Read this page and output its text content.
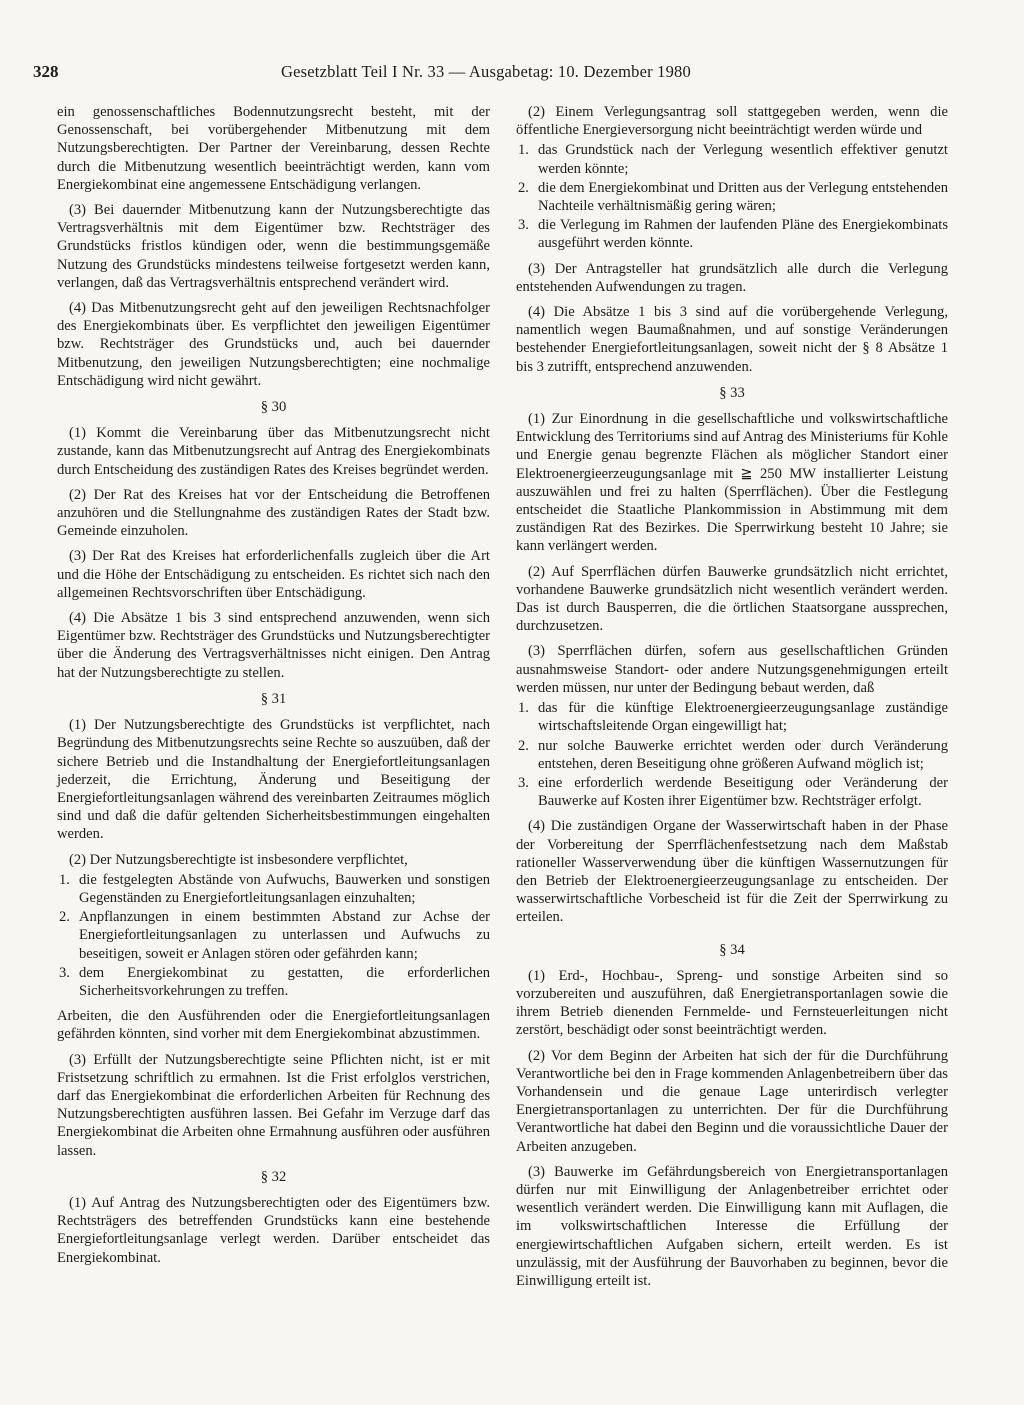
328	Gesetzblatt Teil I Nr. 33 — Ausgabetag: 10. Dezember 1980

ein genossenschaftliches Bodennutzungsrecht besteht, mit der Genossenschaft, bei vorübergehender Mitbenutzung mit dem Nutzungsberechtigten. Der Partner der Vereinbarung, dessen Rechte durch die Mitbenutzung wesentlich beeinträchtigt werden, kann vom Energiekombinat eine angemessene Entschädigung verlangen.

(3) Bei dauernder Mitbenutzung kann der Nutzungsberechtigte das Vertragsverhältnis mit dem Eigentümer bzw. Rechtsträger des Grundstücks fristlos kündigen oder, wenn die bestimmungsgemäße Nutzung des Grundstücks mindestens teilweise fortgesetzt werden kann, verlangen, daß das Vertragsverhältnis entsprechend verändert wird.

(4) Das Mitbenutzungsrecht geht auf den jeweiligen Rechtsnachfolger des Energiekombinats über. Es verpflichtet den jeweiligen Eigentümer bzw. Rechtsträger des Grundstücks und, auch bei dauernder Mitbenutzung, den jeweiligen Nutzungsberechtigten; eine nochmalige Entschädigung wird nicht gewährt.

§ 30

(1) Kommt die Vereinbarung über das Mitbenutzungsrecht nicht zustande, kann das Mitbenutzungsrecht auf Antrag des Energiekombinats durch Entscheidung des zuständigen Rates des Kreises begründet werden.

(2) Der Rat des Kreises hat vor der Entscheidung die Betroffenen anzuhören und die Stellungnahme des zuständigen Rates der Stadt bzw. Gemeinde einzuholen.

(3) Der Rat des Kreises hat erforderlichenfalls zugleich über die Art und die Höhe der Entschädigung zu entscheiden. Es richtet sich nach den allgemeinen Rechtsvorschriften über Entschädigung.

(4) Die Absätze 1 bis 3 sind entsprechend anzuwenden, wenn sich Eigentümer bzw. Rechtsträger des Grundstücks und Nutzungsberechtigter über die Änderung des Vertragsverhältnisses nicht einigen. Den Antrag hat der Nutzungsberechtigte zu stellen.

§ 31

(1) Der Nutzungsberechtigte des Grundstücks ist verpflichtet, nach Begründung des Mitbenutzungsrechts seine Rechte so auszuüben, daß der sichere Betrieb und die Instandhaltung der Energiefortleitungsanlagen jederzeit, die Errichtung, Änderung und Beseitigung der Energiefortleitungsanlagen während des vereinbarten Zeitraumes möglich sind und daß die dafür geltenden Sicherheitsbestimmungen eingehalten werden.

(2) Der Nutzungsberechtigte ist insbesondere verpflichtet,

1. die festgelegten Abstände von Aufwuchs, Bauwerken und sonstigen Gegenständen zu Energiefortleitungsanlagen einzuhalten;
2. Anpflanzungen in einem bestimmten Abstand zur Achse der Energiefortleitungsanlagen zu unterlassen und Aufwuchs zu beseitigen, soweit er Anlagen stören oder gefährden kann;
3. dem Energiekombinat zu gestatten, die erforderlichen Sicherheitsvorkehrungen zu treffen.

Arbeiten, die den Ausführenden oder die Energiefortleitungsanlagen gefährden könnten, sind vorher mit dem Energiekombinat abzustimmen.

(3) Erfüllt der Nutzungsberechtigte seine Pflichten nicht, ist er mit Fristsetzung schriftlich zu ermahnen. Ist die Frist erfolglos verstrichen, darf das Energiekombinat die erforderlichen Arbeiten für Rechnung des Nutzungsberechtigten ausführen lassen. Bei Gefahr im Verzuge darf das Energiekombinat die Arbeiten ohne Ermahnung ausführen oder ausführen lassen.

§ 32

(1) Auf Antrag des Nutzungsberechtigten oder des Eigentümers bzw. Rechtsträgers des betreffenden Grundstücks kann eine bestehende Energiefortleitungsanlage verlegt werden. Darüber entscheidet das Energiekombinat.

(2) Einem Verlegungsantrag soll stattgegeben werden, wenn die öffentliche Energieversorgung nicht beeinträchtigt werden würde und

1. das Grundstück nach der Verlegung wesentlich effektiver genutzt werden könnte;
2. die dem Energiekombinat und Dritten aus der Verlegung entstehenden Nachteile verhältnismäßig gering wären;
3. die Verlegung im Rahmen der laufenden Pläne des Energiekombinats ausgeführt werden könnte.

(3) Der Antragsteller hat grundsätzlich alle durch die Verlegung entstehenden Aufwendungen zu tragen.

(4) Die Absätze 1 bis 3 sind auf die vorübergehende Verlegung, namentlich wegen Baumaßnahmen, und auf sonstige Veränderungen bestehender Energiefortleitungsanlagen, soweit nicht der § 8 Absätze 1 bis 3 zutrifft, entsprechend anzuwenden.

§ 33

(1) Zur Einordnung in die gesellschaftliche und volkswirtschaftliche Entwicklung des Territoriums sind auf Antrag des Ministeriums für Kohle und Energie genau begrenzte Flächen als möglicher Standort einer Elektroenergieerzeugungsanlage mit ≧ 250 MW installierter Leistung auszuwählen und frei zu halten (Sperrflächen). Über die Festlegung entscheidet die Staatliche Plankommission in Abstimmung mit dem zuständigen Rat des Bezirkes. Die Sperrwirkung besteht 10 Jahre; sie kann verlängert werden.

(2) Auf Sperrflächen dürfen Bauwerke grundsätzlich nicht errichtet, vorhandene Bauwerke grundsätzlich nicht wesentlich verändert werden. Das ist durch Bausperren, die die örtlichen Staatsorgane aussprechen, durchzusetzen.

(3) Sperrflächen dürfen, sofern aus gesellschaftlichen Gründen ausnahmsweise Standort- oder andere Nutzungsgenehmigungen erteilt werden müssen, nur unter der Bedingung bebaut werden, daß

1. das für die künftige Elektroenergieerzeugungsanlage zuständige wirtschaftsleitende Organ eingewilligt hat;
2. nur solche Bauwerke errichtet werden oder durch Veränderung entstehen, deren Beseitigung ohne größeren Aufwand möglich ist;
3. eine erforderlich werdende Beseitigung oder Veränderung der Bauwerke auf Kosten ihrer Eigentümer bzw. Rechtsträger erfolgt.

(4) Die zuständigen Organe der Wasserwirtschaft haben in der Phase der Vorbereitung der Sperrflächenfestsetzung nach dem Maßstab rationeller Wasserverwendung über die künftigen Wassernutzungen für den Betrieb der Elektroenergieerzeugungsanlage zu entscheiden. Der wasserwirtschaftliche Vorbescheid ist für die Zeit der Sperrwirkung zu erteilen.

§ 34

(1) Erd-, Hochbau-, Spreng- und sonstige Arbeiten sind so vorzubereiten und auszuführen, daß Energietransportanlagen sowie die ihrem Betrieb dienenden Fernmelde- und Fernsteuerleitungen nicht zerstört, beschädigt oder sonst beeinträchtigt werden.

(2) Vor dem Beginn der Arbeiten hat sich der für die Durchführung Verantwortliche bei den in Frage kommenden Anlagenbetreibern über das Vorhandensein und die genaue Lage unterirdisch verlegter Energietransportanlagen zu unterrichten. Der für die Durchführung Verantwortliche hat dabei den Beginn und die voraussichtliche Dauer der Arbeiten anzugeben.

(3) Bauwerke im Gefährdungsbereich von Energietransportanlagen dürfen nur mit Einwilligung der Anlagenbetreiber errichtet oder wesentlich verändert werden. Die Einwilligung kann mit Auflagen, die im volkswirtschaftlichen Interesse die Erfüllung der energiewirtschaftlichen Aufgaben sichern, erteilt werden. Es ist unzulässig, mit der Ausführung der Bauvorhaben zu beginnen, bevor die Einwilligung erteilt ist.
